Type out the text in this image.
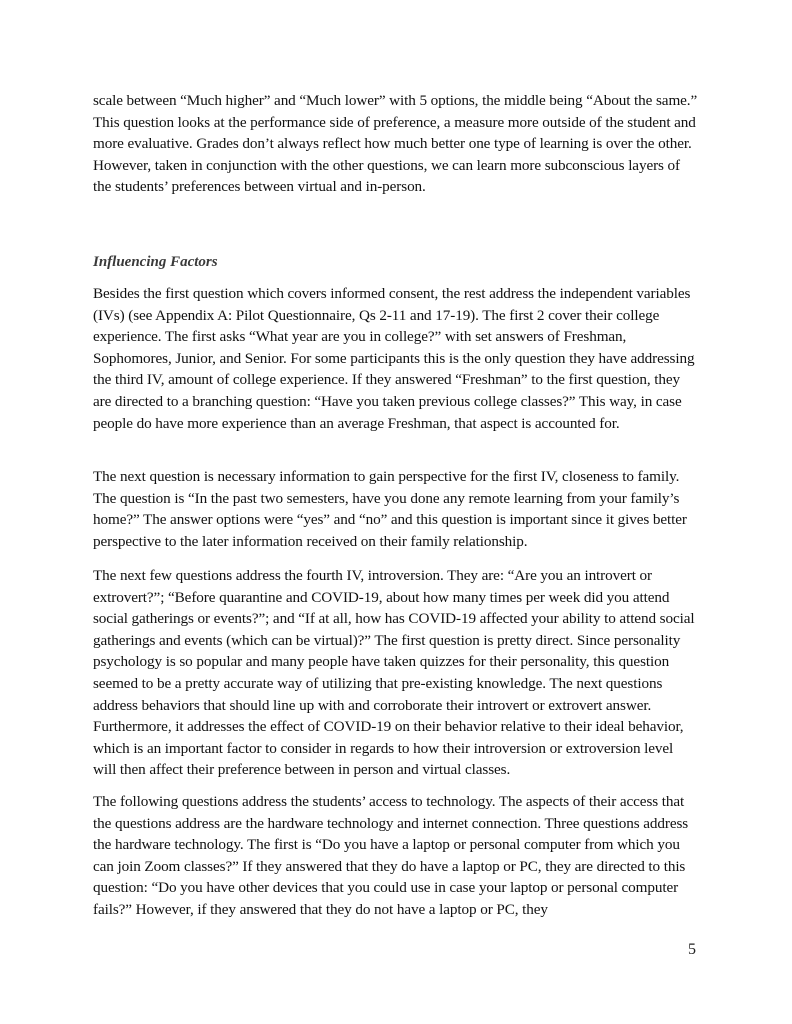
scale between “Much higher” and “Much lower” with 5 options, the middle being “About the same.” This question looks at the performance side of preference, a measure more outside of the student and more evaluative. Grades don’t always reflect how much better one type of learning is over the other. However, taken in conjunction with the other questions, we can learn more subconscious layers of the students’ preferences between virtual and in-person.

Influencing Factors

Besides the first question which covers informed consent, the rest address the independent variables (IVs) (see Appendix A: Pilot Questionnaire, Qs 2-11 and 17-19). The first 2 cover their college experience. The first asks “What year are you in college?” with set answers of Freshman, Sophomores, Junior, and Senior. For some participants this is the only question they have addressing the third IV, amount of college experience. If they answered “Freshman” to the first question, they are directed to a branching question: “Have you taken previous college classes?” This way, in case people do have more experience than an average Freshman, that aspect is accounted for.

The next question is necessary information to gain perspective for the first IV, closeness to family. The question is “In the past two semesters, have you done any remote learning from your family’s home?” The answer options were “yes” and “no” and this question is important since it gives better perspective to the later information received on their family relationship.

The next few questions address the fourth IV, introversion. They are: “Are you an introvert or extrovert?”; “Before quarantine and COVID-19, about how many times per week did you attend social gatherings or events?”; and “If at all, how has COVID-19 affected your ability to attend social gatherings and events (which can be virtual)?” The first question is pretty direct. Since personality psychology is so popular and many people have taken quizzes for their personality, this question seemed to be a pretty accurate way of utilizing that pre-existing knowledge. The next questions address behaviors that should line up with and corroborate their introvert or extrovert answer. Furthermore, it addresses the effect of COVID-19 on their behavior relative to their ideal behavior, which is an important factor to consider in regards to how their introversion or extroversion level will then affect their preference between in person and virtual classes.

The following questions address the students’ access to technology. The aspects of their access that the questions address are the hardware technology and internet connection. Three questions address the hardware technology. The first is “Do you have a laptop or personal computer from which you can join Zoom classes?” If they answered that they do have a laptop or PC, they are directed to this question: “Do you have other devices that you could use in case your laptop or personal computer fails?” However, if they answered that they do not have a laptop or PC, they

5
